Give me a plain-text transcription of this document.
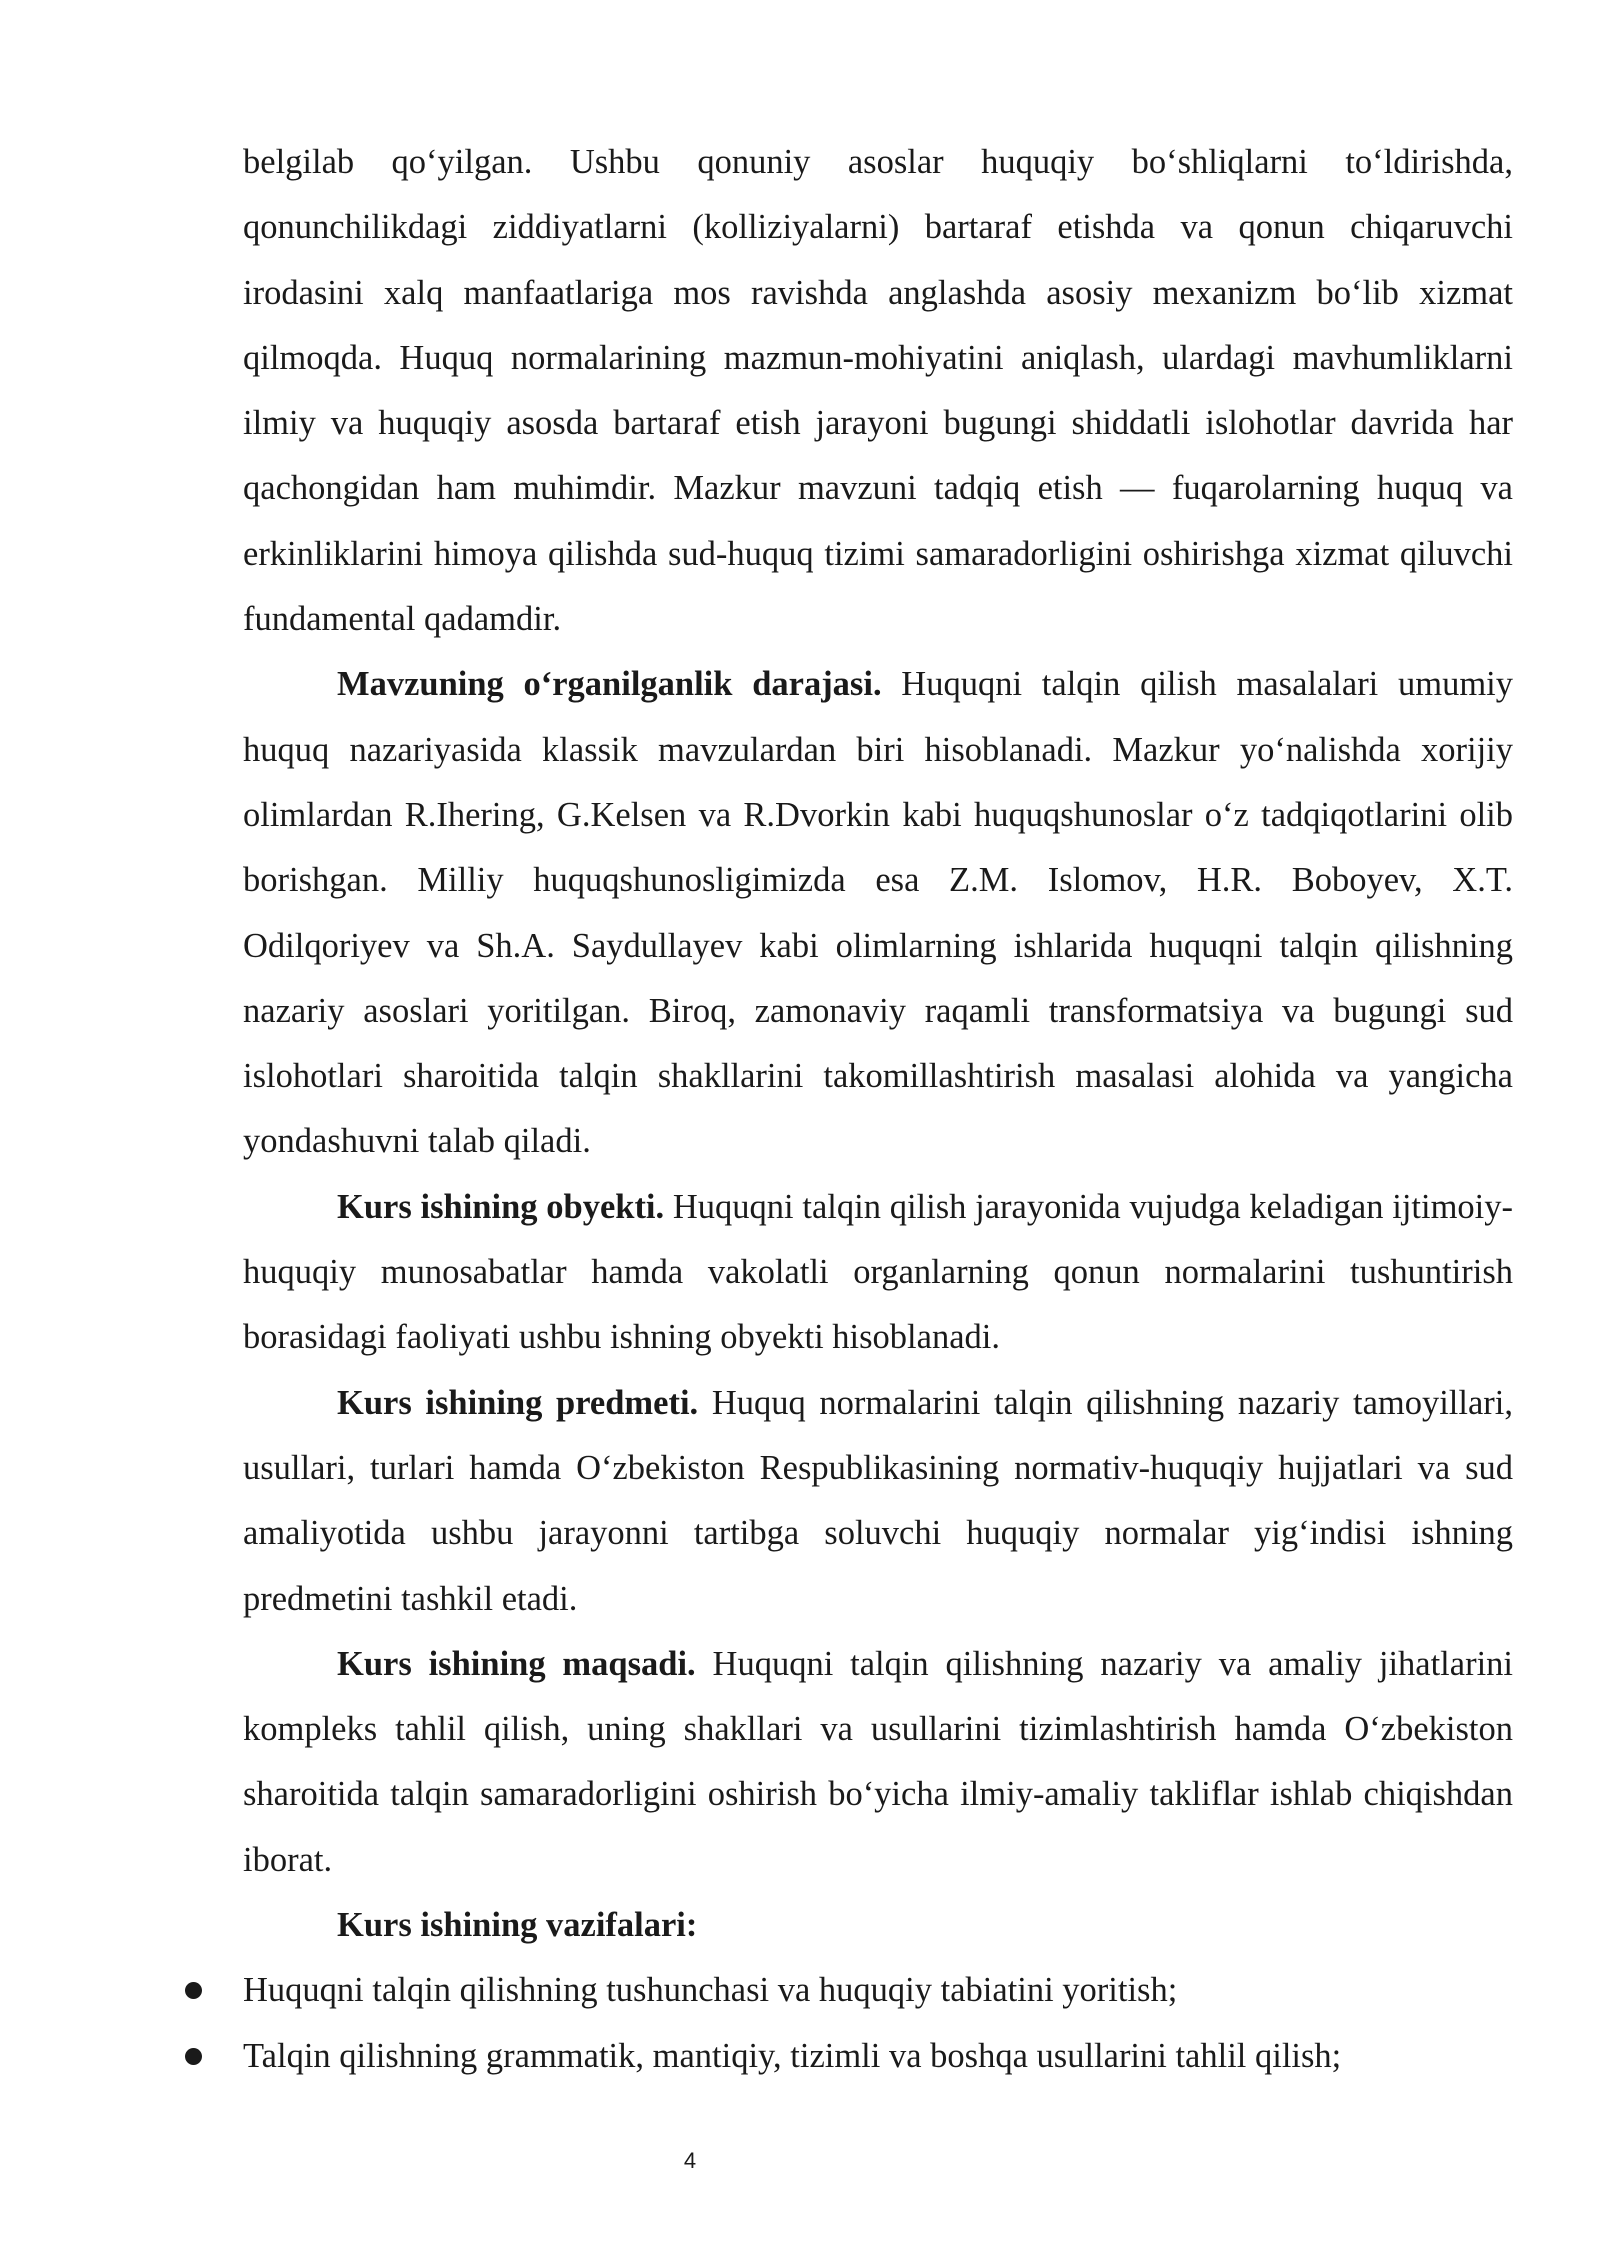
belgilab qo‘yilgan. Ushbu qonuniy asoslar huquqiy bo‘shliqlarni to‘ldirishda, qonunchilikdagi ziddiyatlarni (kolliziyalarni) bartaraf etishda va qonun chiqaruvchi irodasini xalq manfaatlariga mos ravishda anglashda asosiy mexanizm bo‘lib xizmat qilmoqda. Huquq normalarining mazmun-mohiyatini aniqlash, ulardagi mavhumliklarni ilmiy va huquqiy asosda bartaraf etish jarayoni bugungi shiddatli islohotlar davrida har qachongidan ham muhimdir. Mazkur mavzuni tadqiq etish — fuqarolarning huquq va erkinliklarini himoya qilishda sud-huquq tizimi samaradorligini oshirishga xizmat qiluvchi fundamental qadamdir.

Mavzuning o‘rganilganlik darajasi. Huquqni talqin qilish masalalari umumiy huquq nazariyasida klassik mavzulardan biri hisoblanadi. Mazkur yo‘nalishda xorijiy olimlardan R.Ihering, G.Kelsen va R.Dvorkin kabi huquqshunoslar o‘z tadqiqotlarini olib borishgan. Milliy huquqshunosligimizda esa Z.M. Islomov, H.R. Boboyev, X.T. Odilqoriyev va Sh.A. Saydullayev kabi olimlarning ishlarida huquqni talqin qilishning nazariy asoslari yoritilgan. Biroq, zamonaviy raqamli transformatsiya va bugungi sud islohotlari sharoitida talqin shakllarini takomillashtirish masalasi alohida va yangicha yondashuvni talab qiladi.

Kurs ishining obyekti. Huquqni talqin qilish jarayonida vujudga keladigan ijtimoiy-huquqiy munosabatlar hamda vakolatli organlarning qonun normalarini tushuntirish borasidagi faoliyati ushbu ishning obyekti hisoblanadi.

Kurs ishining predmeti. Huquq normalarini talqin qilishning nazariy tamoyillari, usullari, turlari hamda O‘zbekiston Respublikasining normativ-huquqiy hujjatlari va sud amaliyotida ushbu jarayonni tartibga soluvchi huquqiy normalar yig‘indisi ishning predmetini tashkil etadi.

Kurs ishining maqsadi. Huquqni talqin qilishning nazariy va amaliy jihatlarini kompleks tahlil qilish, uning shakllari va usullarini tizimlashtirish hamda O‘zbekiston sharoitida talqin samaradorligini oshirish bo‘yicha ilmiy-amaliy takliflar ishlab chiqishdan iborat.

Kurs ishining vazifalari:

Huquqni talqin qilishning tushunchasi va huquqiy tabiatini yoritish;
Talqin qilishning grammatik, mantiqiy, tizimli va boshqa usullarini tahlil qilish;
4
